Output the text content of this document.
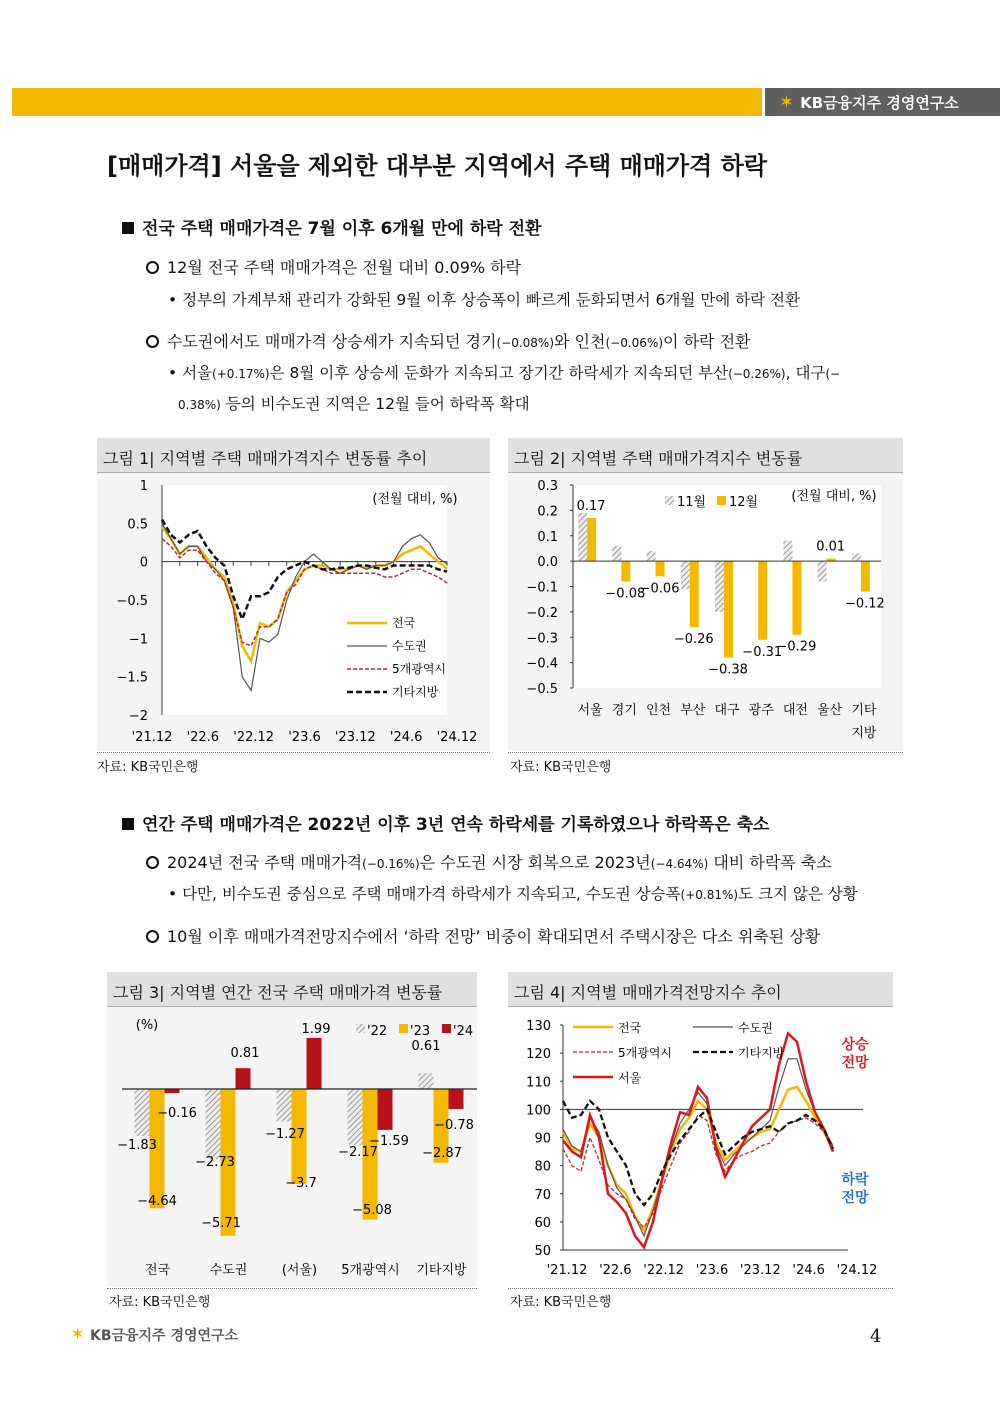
✶ KB금융지주 경영연구소
[매매가격] 서울을 제외한 대부분 지역에서 주택 매매가격 하락
전국 주택 매매가격은 7월 이후 6개월 만에 하락 전환
12월 전국 주택 매매가격은 전월 대비 0.09% 하락
• 정부의 가계부채 관리가 강화된 9월 이후 상승폭이 빠르게 둔화되면서 6개월 만에 하락 전환
수도권에서도 매매가격 상승세가 지속되던 경기(−0.08%)와 인천(−0.06%)이 하락 전환
• 서울(+0.17%)은 8월 이후 상승세 둔화가 지속되고 장기간 하락세가 지속되던 부산(−0.26%), 대구(−
0.38%) 등의 비수도권 지역은 12월 들어 하락폭 확대
그림 1| 지역별 주택 매매가격지수 변동률 추이
1
0.5
0
−0.5
−1
−1.5
−2
'21.12 '22.6 '22.12 '23.6 '23.12 '24.6 '24.12
(전월 대비, %)
전국
수도권
5개광역시
기타지방
자료: KB국민은행
그림 2| 지역별 주택 매매가격지수 변동률
0.3
0.2
0.1
0.0
−0.1
−0.2
−0.3
−0.4
−0.5
서울
0.17
경기
−0.08
인천
−0.06
부산
−0.26
대구
−0.38
광주
−0.31
대전
−0.29
울산
0.01
기타
지방
−0.12
11월 12월	(전월 대비, %)
자료: KB국민은행
연간 주택 매매가격은 2022년 이후 3년 연속 하락세를 기록하였으나 하락폭은 축소
2024년 전국 주택 매매가격(−0.16%)은 수도권 시장 회복으로 2023년(−4.64%) 대비 하락폭 축소
• 다만, 비수도권 중심으로 주택 매매가격 하락세가 지속되고, 수도권 상승폭(+0.81%)도 크지 않은 상황
10월 이후 매매가격전망지수에서 ‘하락 전망’ 비중이 확대되면서 주택시장은 다소 위축된 상황
그림 3| 지역별 연간 전국 주택 매매가격 변동률
(%)
전국	수도권	(서울) 5개광역시 기타지방
−1.83
−4.64
−0.16
−2.73
−5.71
0.81
−1.27
−3.7
1.99
−2.17
−5.08
−1.59
0.61
−2.87
−0.78
'22 '23 '24
자료: KB국민은행
그림 4| 지역별 매매가격전망지수 추이
130
120
110
100
90
80
70
60
50
'21.12 '22.6 '22.12 '23.6 '23.12 '24.6 '24.12
전국	수도권
5개광역시	기타지방
서울
상승
전망
하락
전망
자료: KB국민은행
✶ KB금융지주 경영연구소	4
